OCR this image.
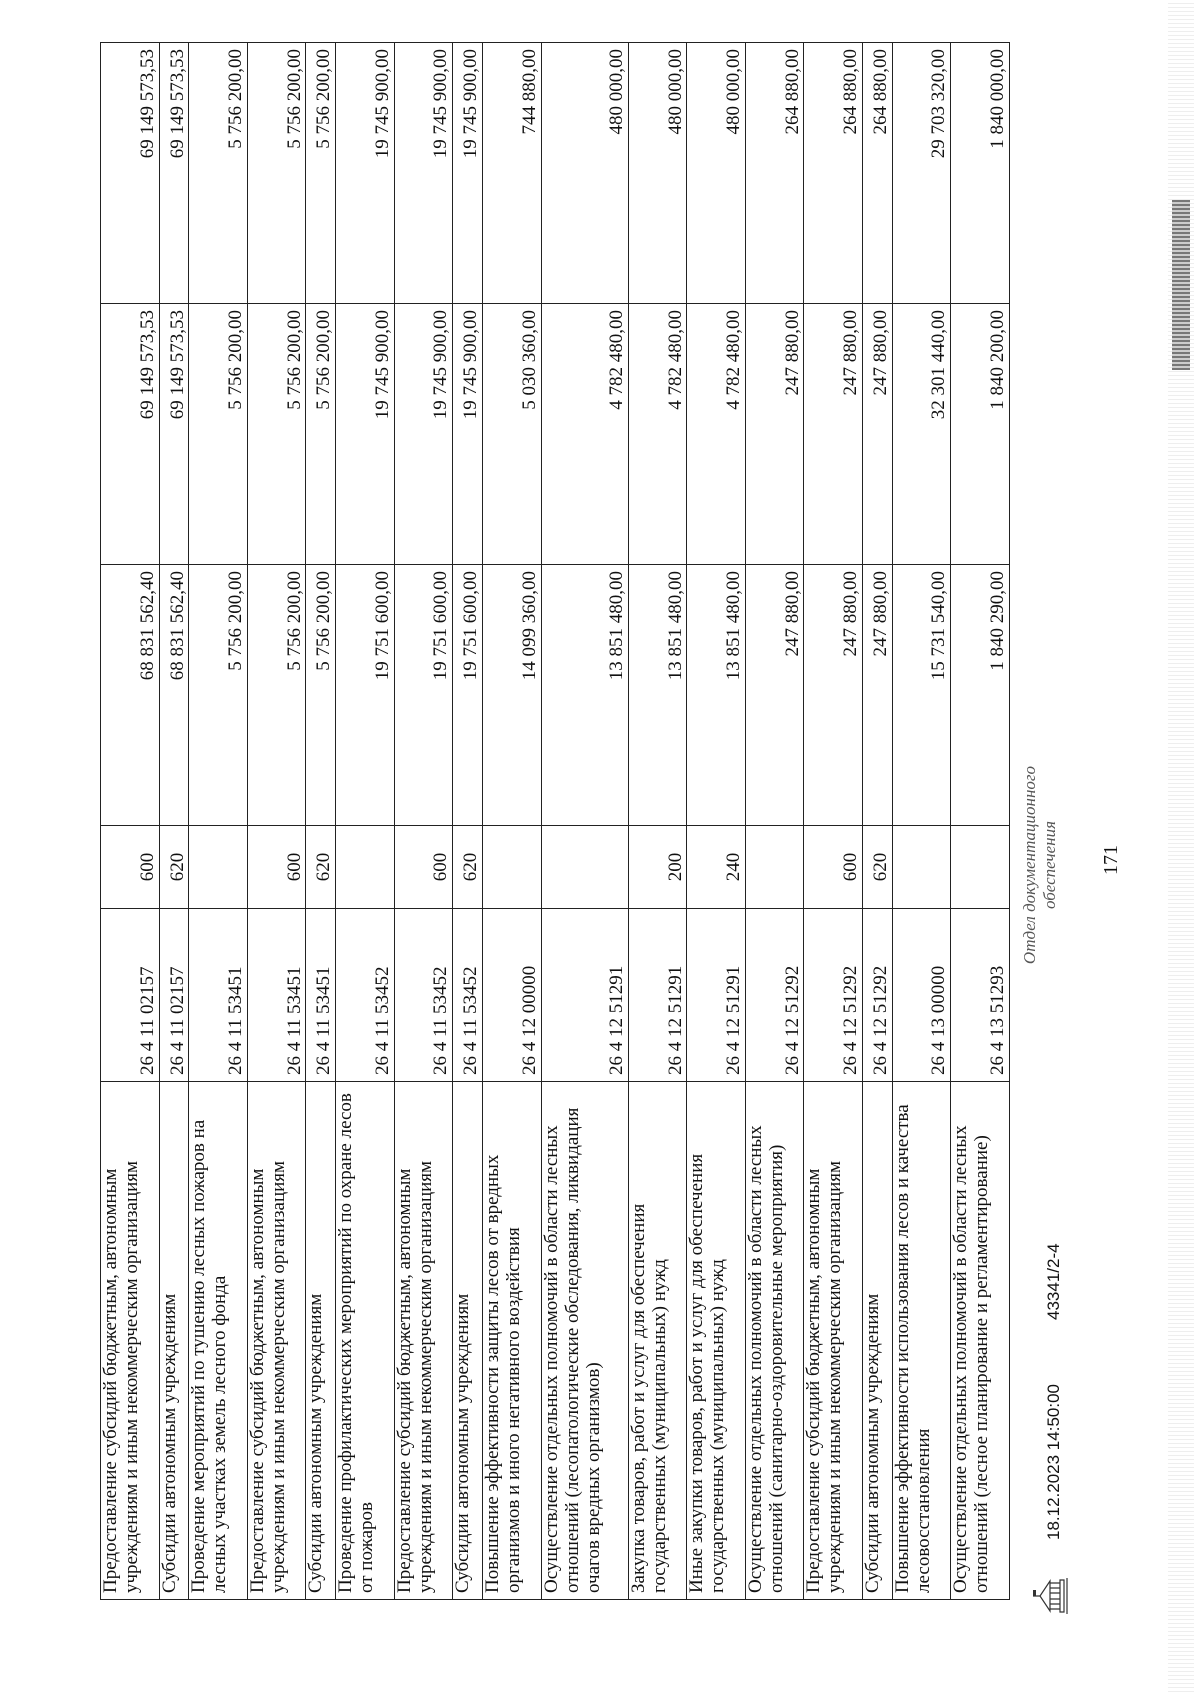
Предоставление субсидий бюджетным, автономным учреждениям и иным некоммерческим организациям	26 4 11 02157	600	68 831 562,40	69 149 573,53	69 149 573,53

Субсидии автономным учреждениям	26 4 11 02157	620	68 831 562,40	69 149 573,53	69 149 573,53

Проведение мероприятий по тушению лесных пожаров на лесных участках земель лесного фонда	26 4 11 53451		5 756 200,00	5 756 200,00	5 756 200,00

Предоставление субсидий бюджетным, автономным учреждениям и иным некоммерческим организациям	26 4 11 53451	600	5 756 200,00	5 756 200,00	5 756 200,00

Субсидии автономным учреждениям	26 4 11 53451	620	5 756 200,00	5 756 200,00	5 756 200,00

Проведение профилактических мероприятий по охране лесов от пожаров	26 4 11 53452		19 751 600,00	19 745 900,00	19 745 900,00

Предоставление субсидий бюджетным, автономным учреждениям и иным некоммерческим организациям	26 4 11 53452	600	19 751 600,00	19 745 900,00	19 745 900,00

Субсидии автономным учреждениям	26 4 11 53452	620	19 751 600,00	19 745 900,00	19 745 900,00

Повышение эффективности защиты лесов от вредных организмов и иного негативного воздействия	26 4 12 00000		14 099 360,00	5 030 360,00	744 880,00

Осуществление отдельных полномочий в области лесных отношений (лесопатологические обследования, ликвидация очагов вредных организмов)	26 4 12 51291		13 851 480,00	4 782 480,00	480 000,00

Закупка товаров, работ и услуг для обеспечения государственных (муниципальных) нужд	26 4 12 51291	200	13 851 480,00	4 782 480,00	480 000,00

Иные закупки товаров, работ и услуг для обеспечения государственных (муниципальных) нужд	26 4 12 51291	240	13 851 480,00	4 782 480,00	480 000,00

Осуществление отдельных полномочий в области лесных отношений (санитарно-оздоровительные мероприятия)	26 4 12 51292		247 880,00	247 880,00	264 880,00

Предоставление субсидий бюджетным, автономным учреждениям и иным некоммерческим организациям	26 4 12 51292	600	247 880,00	247 880,00	264 880,00

Субсидии автономным учреждениям	26 4 12 51292	620	247 880,00	247 880,00	264 880,00

Повышение эффективности использования лесов и качества лесовосстановления	26 4 13 00000		15 731 540,00	32 301 440,00	29 703 320,00

Осуществление отдельных полномочий в области лесных отношений (лесное планирование и регламентирование)	26 4 13 51293		1 840 290,00	1 840 200,00	1 840 000,00
18.12.2023 14:50:00
43341/2-4
Отдел документационного обеспечения 171
